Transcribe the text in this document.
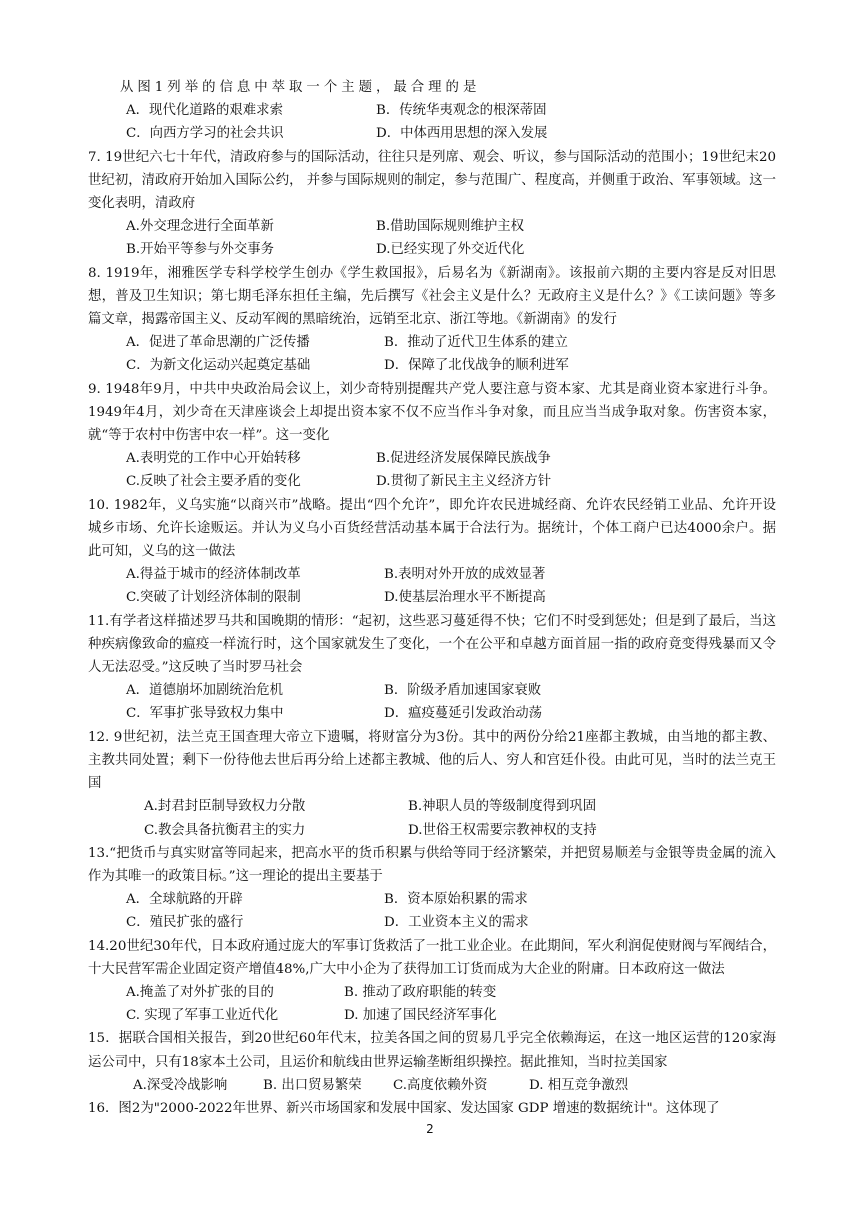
从图1列举的信息中萃取一个主题，最合理的是

A．现代化道路的艰难求索	B．传统华夷观念的根深蒂固
C．向西方学习的社会共识	D．中体西用思想的深入发展

7. 19世纪六七十年代，清政府参与的国际活动，往往只是列席、观会、听议，参与国际活动的范围小；19世纪末20世纪初，清政府开始加入国际公约， 并参与国际规则的制定，参与范围广、程度高，并侧重于政治、军事领域。这一变化表明，清政府

A.外交理念进行全面革新	B.借助国际规则维护主权
B.开始平等参与外交事务	D.已经实现了外交近代化

8. 1919年，湘雅医学专科学校学生创办《学生救国报》，后易名为《新湖南》。该报前六期的主要内容是反对旧思想，普及卫生知识；第七期毛泽东担任主编，先后撰写《社会主义是什么？无政府主义是什么？》《工读问题》等多篇文章，揭露帝国主义、反动军阀的黑暗统治，远销至北京、浙江等地。《新湖南》的发行

A．促进了革命思潮的广泛传播	B．推动了近代卫生体系的建立
C．为新文化运动兴起奠定基础	D．保障了北伐战争的顺利进军

9. 1948年9月，中共中央政治局会议上，刘少奇特别提醒共产党人要注意与资本家、尤其是商业资本家进行斗争。1949年4月，刘少奇在天津座谈会上却提出资本家不仅不应当作斗争对象，而且应当当成争取对象。伤害资本家，就“等于农村中伤害中农一样”。这一变化

A.表明党的工作中心开始转移	B.促进经济发展保障民族战争
C.反映了社会主要矛盾的变化	D.贯彻了新民主主义经济方针

10. 1982年，义乌实施“以商兴市”战略。提出“四个允许”，即允许农民进城经商、允许农民经销工业品、允许开设城乡市场、允许长途贩运。并认为义乌小百货经营活动基本属于合法行为。据统计，个体工商户已达4000余户。据此可知，义乌的这一做法

A.得益于城市的经济体制改革	B.表明对外开放的成效显著
C.突破了计划经济体制的限制	D.使基层治理水平不断提高

11.有学者这样描述罗马共和国晚期的情形：“起初，这些恶习蔓延得不快；它们不时受到惩处；但是到了最后，当这种疾病像致命的瘟疫一样流行时，这个国家就发生了变化，一个在公平和卓越方面首屈一指的政府竟变得残暴而又令人无法忍受。”这反映了当时罗马社会

A．道德崩坏加剧统治危机	B．阶级矛盾加速国家衰败
C．军事扩张导致权力集中	D．瘟疫蔓延引发政治动荡

12. 9世纪初，法兰克王国查理大帝立下遗嘱，将财富分为3份。其中的两份分给21座都主教城，由当地的都主教、主教共同处置；剩下一份待他去世后再分给上述都主教城、他的后人、穷人和宫廷仆役。由此可见，当时的法兰克王国

A.封君封臣制导致权力分散	B.神职人员的等级制度得到巩固
C.教会具备抗衡君主的实力	D.世俗王权需要宗教神权的支持

13.“把货币与真实财富等同起来，把高水平的货币积累与供给等同于经济繁荣，并把贸易顺差与金银等贵金属的流入作为其唯一的政策目标。”这一理论的提出主要基于

A．全球航路的开辟	B．资本原始积累的需求
C．殖民扩张的盛行	D．工业资本主义的需求

14.20世纪30年代，日本政府通过庞大的军事订货救活了一批工业企业。在此期间，军火利润促使财阀与军阀结合，十大民营军需企业固定资产增值48%,广大中小企为了获得加工订货而成为大企业的附庸。日本政府这一做法

A.掩盖了对外扩张的目的	B. 推动了政府职能的转变
C. 实现了军事工业近代化	D. 加速了国民经济军事化

15．据联合国相关报告，到20世纪60年代末，拉美各国之间的贸易几乎完全依赖海运，在这一地区运营的120家海运公司中，只有18家本土公司，且运价和航线由世界运输垄断组织操控。据此推知，当时拉美国家

A.深受冷战影响	B. 出口贸易繁荣	C.高度依赖外资	D. 相互竞争激烈

16．图2为"2000-2022年世界、新兴市场国家和发展中国家、发达国家 GDP 增速的数据统计"。这体现了

2
